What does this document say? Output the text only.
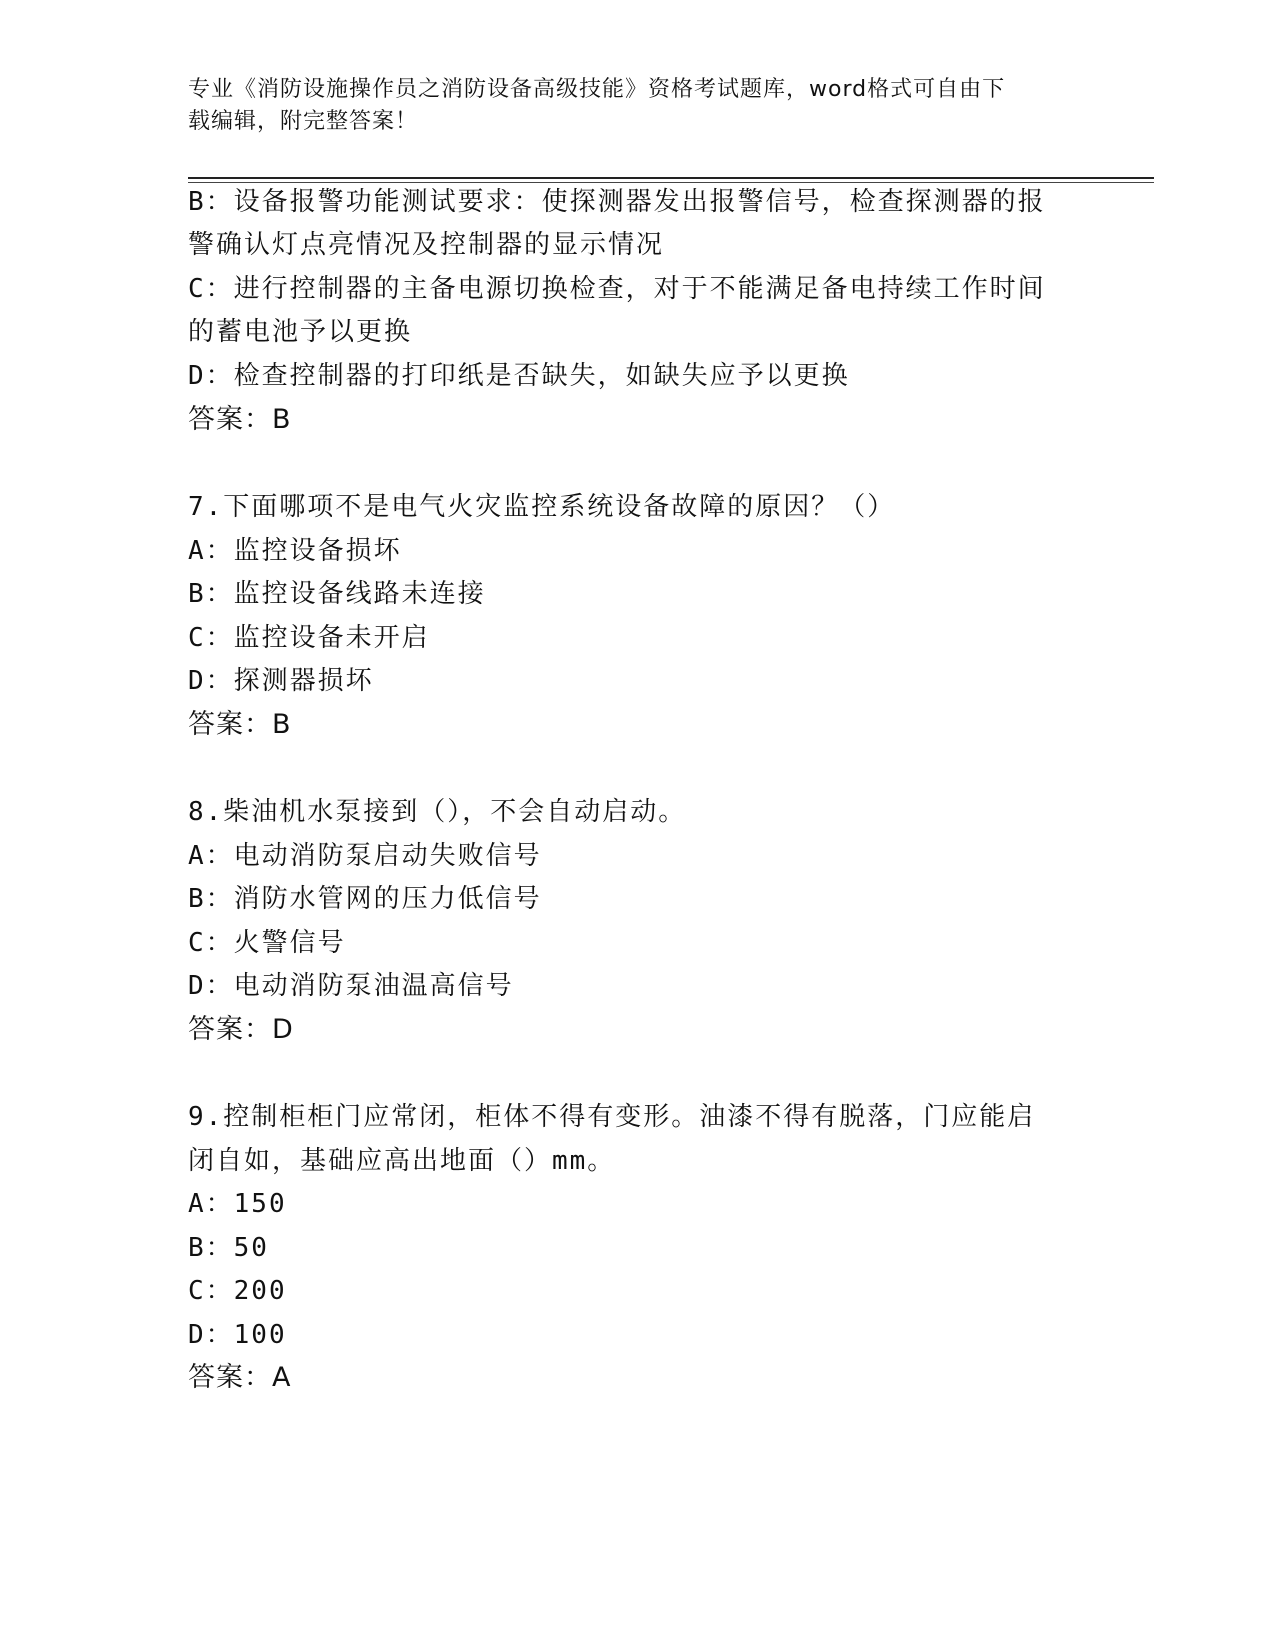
专业《消防设施操作员之消防设备高级技能》资格考试题库，word格式可自由下
载编辑，附完整答案！
B：设备报警功能测试要求：使探测器发出报警信号，检查探测器的报
警确认灯点亮情况及控制器的显示情况
C：进行控制器的主备电源切换检查，对于不能满足备电持续工作时间
的蓄电池予以更换
D：检查控制器的打印纸是否缺失，如缺失应予以更换
答案：B
7.下面哪项不是电气火灾监控系统设备故障的原因？（）
A：监控设备损坏
B：监控设备线路未连接
C：监控设备未开启
D：探测器损坏
答案：B
8.柴油机水泵接到（），不会自动启动。
A：电动消防泵启动失败信号
B：消防水管网的压力低信号
C：火警信号
D：电动消防泵油温高信号
答案：D
9.控制柜柜门应常闭，柜体不得有变形。油漆不得有脱落，门应能启
闭自如，基础应高出地面（）mm。
A：150
B：50
C：200
D：100
答案：A
